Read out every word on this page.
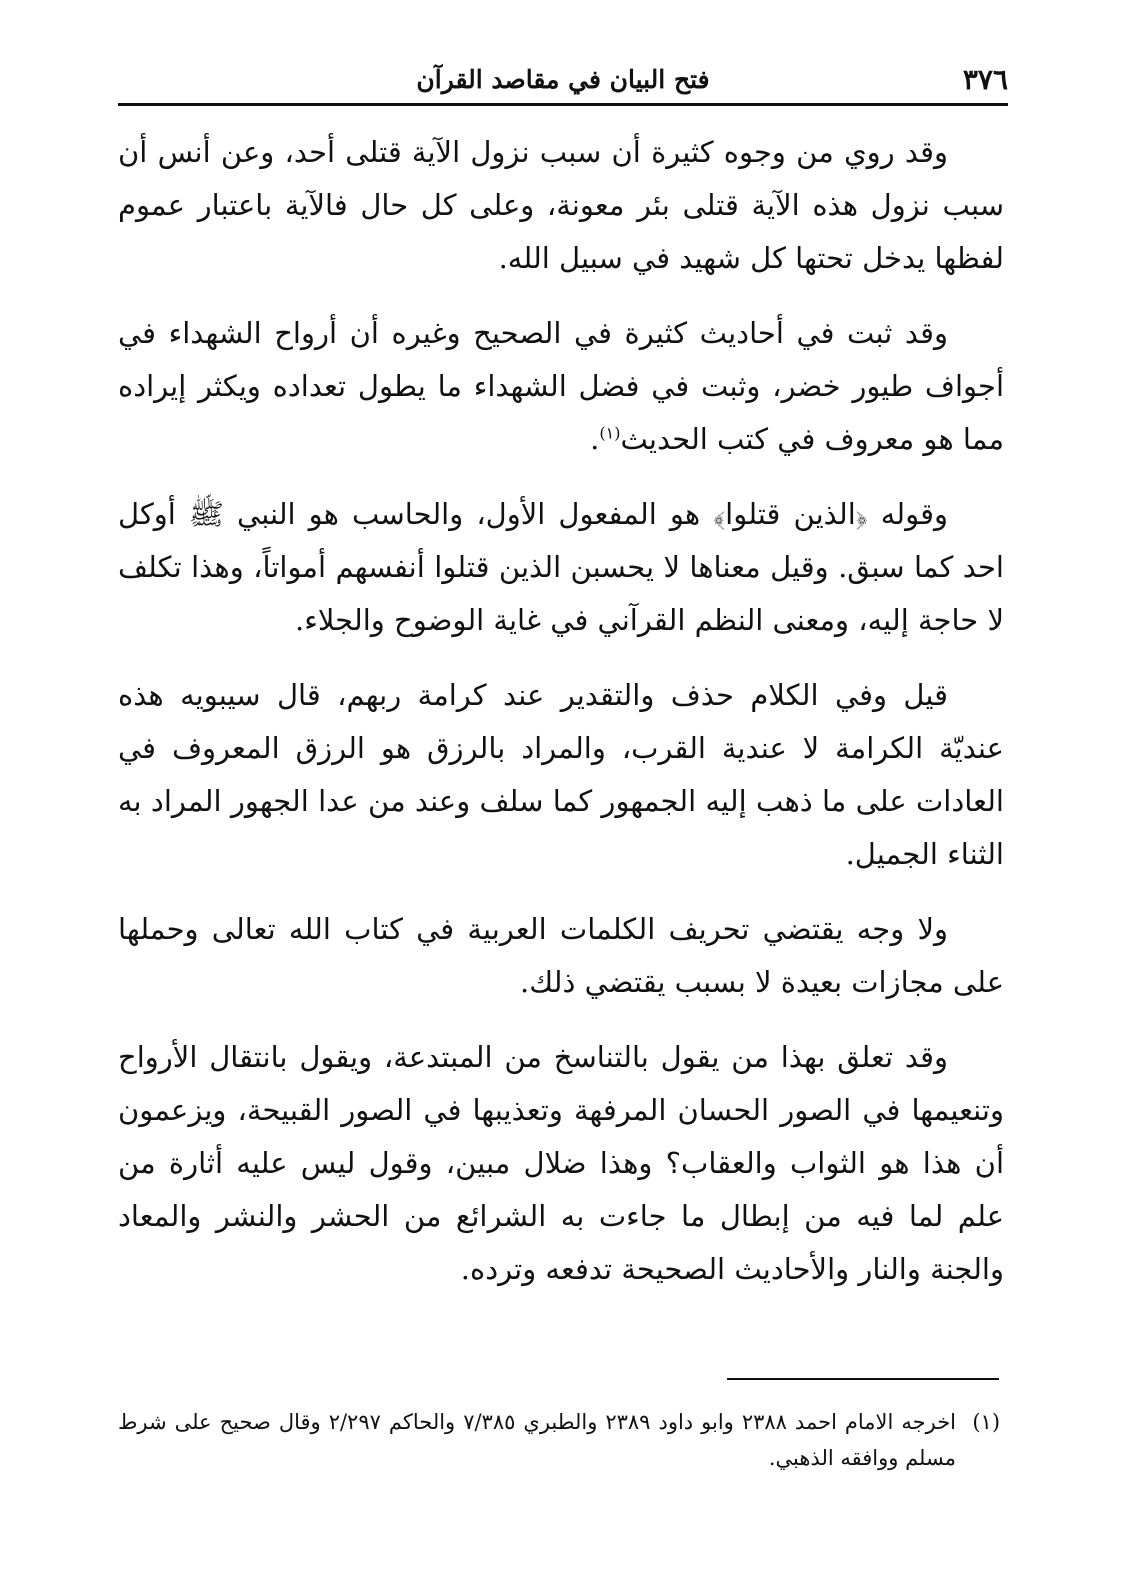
٣٧٦
فتح البيان في مقاصد القرآن

وقد روي من وجوه كثيرة أن سبب نزول الآية قتلى أحد، وعن أنس أن سبب نزول هذه الآية قتلى بئر معونة، وعلى كل حال فالآية باعتبار عموم لفظها يدخل تحتها كل شهيد في سبيل الله.

وقد ثبت في أحاديث كثيرة في الصحيح وغيره أن أرواح الشهداء في أجواف طيور خضر، وثبت في فضل الشهداء ما يطول تعداده ويكثر إيراده مما هو معروف في كتب الحديث$^{(١)}$.

وقوله ﴿الذين قتلوا﴾ هو المفعول الأول، والحاسب هو النبي ﷺ أوكل احد كما سبق. وقيل معناها لا يحسبن الذين قتلوا أنفسهم أمواتاً، وهذا تكلف لا حاجة إليه، ومعنى النظم القرآني في غاية الوضوح والجلاء.

قيل وفي الكلام حذف والتقدير عند كرامة ربهم، قال سيبويه هذه عنديّة الكرامة لا عندية القرب، والمراد بالرزق هو الرزق المعروف في العادات على ما ذهب إليه الجمهور كما سلف وعند من عدا الجهور المراد به الثناء الجميل.

ولا وجه يقتضي تحريف الكلمات العربية في كتاب الله تعالى وحملها على مجازات بعيدة لا بسبب يقتضي ذلك.

وقد تعلق بهذا من يقول بالتناسخ من المبتدعة، ويقول بانتقال الأرواح وتنعيمها في الصور الحسان المرفهة وتعذيبها في الصور القبيحة، ويزعمون أن هذا هو الثواب والعقاب؟ وهذا ضلال مبين، وقول ليس عليه أثارة من علم لما فيه من إبطال ما جاءت به الشرائع من الحشر والنشر والمعاد والجنة والنار والأحاديث الصحيحة تدفعه وترده.

(١)اخرجه الامام احمد ٢٣٨٨ وابو داود ٢٣٨٩ والطبري ٧/٣٨٥ والحاكم ٢/٢٩٧ وقال صحيح على شرط مسلم ووافقه الذهبي.
